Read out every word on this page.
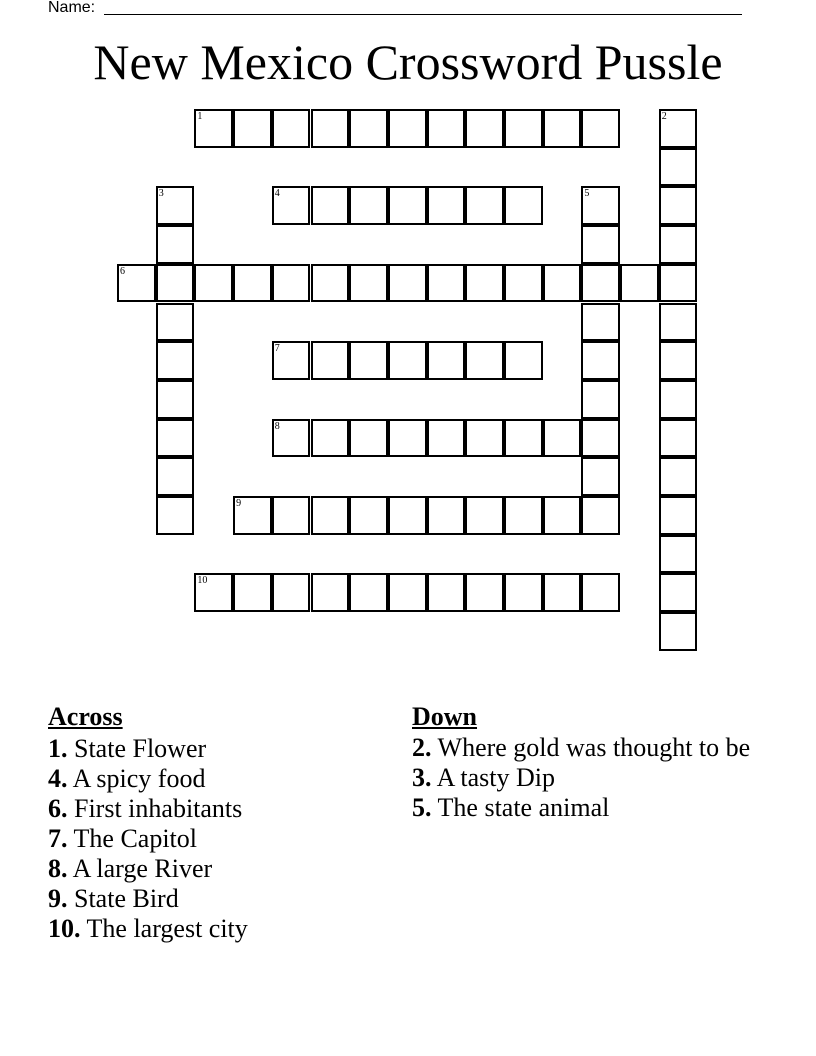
Name:
New Mexico Crossword Pussle
1	2
3	4	5
6
7
8
9
10
Across
1. State Flower
4. A spicy food
6. First inhabitants
7. The Capitol
8. A large River
9. State Bird
10. The largest city
Down
2. Where gold was thought to be
3. A tasty Dip
5. The state animal
